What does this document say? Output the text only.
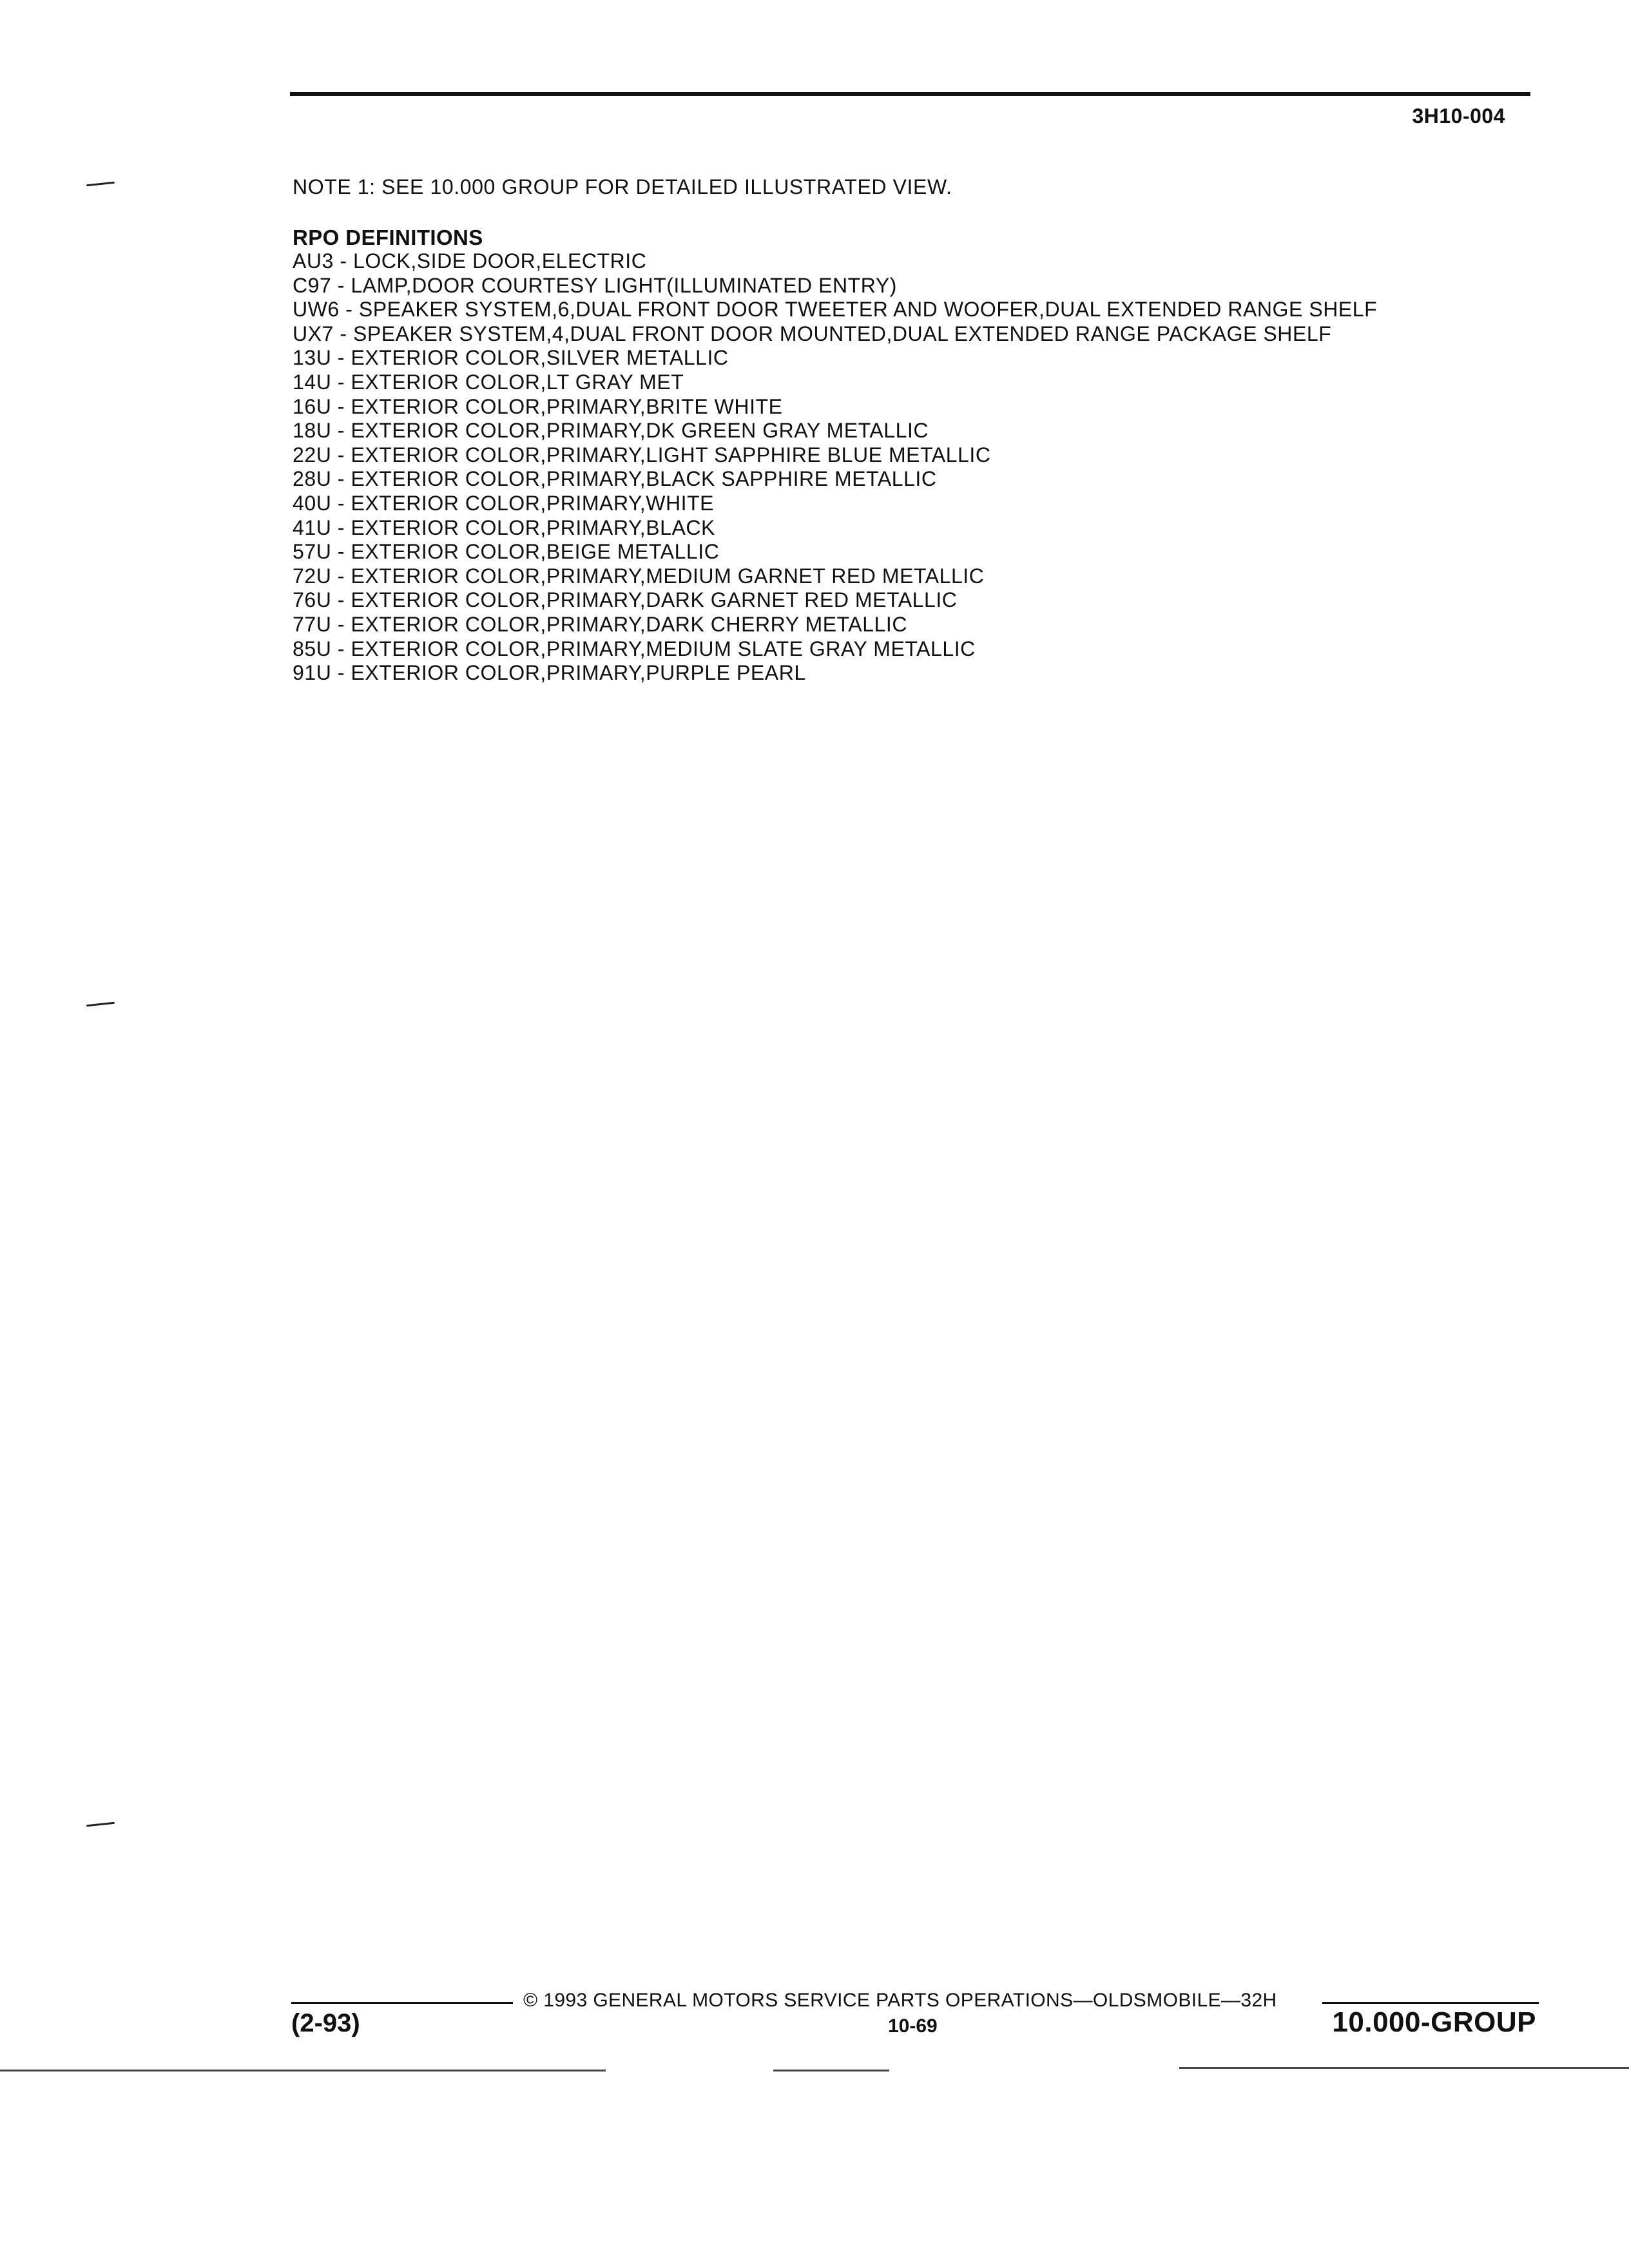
3H10-004
NOTE 1: SEE 10.000 GROUP FOR DETAILED ILLUSTRATED VIEW.
RPO DEFINITIONS
AU3 - LOCK,SIDE DOOR,ELECTRIC
C97 - LAMP,DOOR COURTESY LIGHT(ILLUMINATED ENTRY)
UW6 - SPEAKER SYSTEM,6,DUAL FRONT DOOR TWEETER AND WOOFER,DUAL EXTENDED RANGE SHELF
UX7 - SPEAKER SYSTEM,4,DUAL FRONT DOOR MOUNTED,DUAL EXTENDED RANGE PACKAGE SHELF
13U - EXTERIOR COLOR,SILVER METALLIC
14U - EXTERIOR COLOR,LT GRAY MET
16U - EXTERIOR COLOR,PRIMARY,BRITE WHITE
18U - EXTERIOR COLOR,PRIMARY,DK GREEN GRAY METALLIC
22U - EXTERIOR COLOR,PRIMARY,LIGHT SAPPHIRE BLUE METALLIC
28U - EXTERIOR COLOR,PRIMARY,BLACK SAPPHIRE METALLIC
40U - EXTERIOR COLOR,PRIMARY,WHITE
41U - EXTERIOR COLOR,PRIMARY,BLACK
57U - EXTERIOR COLOR,BEIGE METALLIC
72U - EXTERIOR COLOR,PRIMARY,MEDIUM GARNET RED METALLIC
76U - EXTERIOR COLOR,PRIMARY,DARK GARNET RED METALLIC
77U - EXTERIOR COLOR,PRIMARY,DARK CHERRY METALLIC
85U - EXTERIOR COLOR,PRIMARY,MEDIUM SLATE GRAY METALLIC
91U - EXTERIOR COLOR,PRIMARY,PURPLE PEARL
© 1993 GENERAL MOTORS SERVICE PARTS OPERATIONS—OLDSMOBILE—32H
(2-93)	10-69	10.000-GROUP
